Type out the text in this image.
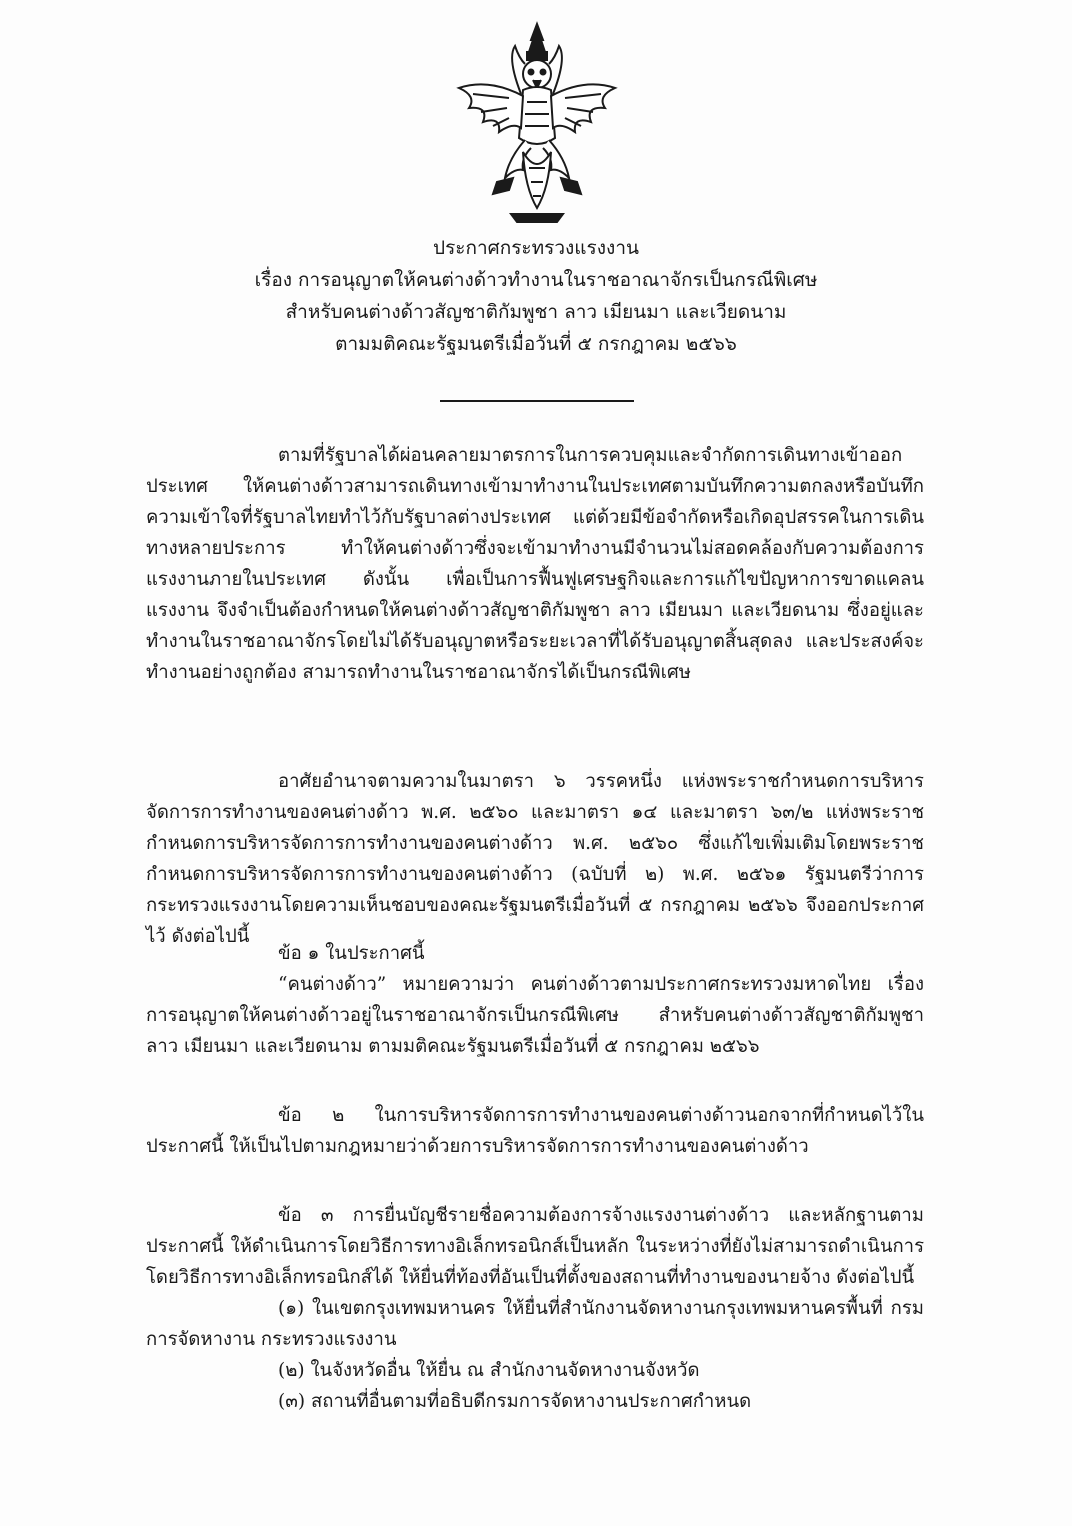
ประกาศกระทรวงแรงงาน
เรื่อง การอนุญาตให้คนต่างด้าวทำงานในราชอาณาจักรเป็นกรณีพิเศษ
สำหรับคนต่างด้าวสัญชาติกัมพูชา ลาว เมียนมา และเวียดนาม
ตามมติคณะรัฐมนตรีเมื่อวันที่ ๕ กรกฎาคม ๒๕๖๖

ตามที่รัฐบาลได้ผ่อนคลายมาตรการในการควบคุมและจำกัดการเดินทางเข้าออกประเทศ ให้คนต่างด้าวสามารถเดินทางเข้ามาทำงานในประเทศตามบันทึกความตกลงหรือบันทึกความเข้าใจที่รัฐบาลไทยทำไว้กับรัฐบาลต่างประเทศ แต่ด้วยมีข้อจำกัดหรือเกิดอุปสรรคในการเดินทางหลายประการ ทำให้คนต่างด้าวซึ่งจะเข้ามาทำงานมีจำนวนไม่สอดคล้องกับความต้องการแรงงานภายในประเทศ ดังนั้น เพื่อเป็นการฟื้นฟูเศรษฐกิจและการแก้ไขปัญหาการขาดแคลนแรงงาน จึงจำเป็นต้องกำหนดให้คนต่างด้าวสัญชาติกัมพูชา ลาว เมียนมา และเวียดนาม ซึ่งอยู่และทำงานในราชอาณาจักรโดยไม่ได้รับอนุญาตหรือระยะเวลาที่ได้รับอนุญาตสิ้นสุดลง และประสงค์จะทำงานอย่างถูกต้อง สามารถทำงานในราชอาณาจักรได้เป็นกรณีพิเศษ

อาศัยอำนาจตามความในมาตรา ๖ วรรคหนึ่ง แห่งพระราชกำหนดการบริหารจัดการการทำงานของคนต่างด้าว พ.ศ. ๒๕๖๐ และมาตรา ๑๔ และมาตรา ๖๓/๒ แห่งพระราชกำหนดการบริหารจัดการการทำงานของคนต่างด้าว พ.ศ. ๒๕๖๐ ซึ่งแก้ไขเพิ่มเติมโดยพระราชกำหนดการบริหารจัดการการทำงานของคนต่างด้าว (ฉบับที่ ๒) พ.ศ. ๒๕๖๑ รัฐมนตรีว่าการกระทรวงแรงงานโดยความเห็นชอบของคณะรัฐมนตรีเมื่อวันที่ ๕ กรกฎาคม ๒๕๖๖ จึงออกประกาศไว้ ดังต่อไปนี้

ข้อ ๑ ในประกาศนี้

“คนต่างด้าว” หมายความว่า คนต่างด้าวตามประกาศกระทรวงมหาดไทย เรื่อง การอนุญาตให้คนต่างด้าวอยู่ในราชอาณาจักรเป็นกรณีพิเศษ สำหรับคนต่างด้าวสัญชาติกัมพูชา ลาว เมียนมา และเวียดนาม ตามมติคณะรัฐมนตรีเมื่อวันที่ ๕ กรกฎาคม ๒๕๖๖

ข้อ ๒ ในการบริหารจัดการการทำงานของคนต่างด้าวนอกจากที่กำหนดไว้ในประกาศนี้ ให้เป็นไปตามกฎหมายว่าด้วยการบริหารจัดการการทำงานของคนต่างด้าว

ข้อ ๓ การยื่นบัญชีรายชื่อความต้องการจ้างแรงงานต่างด้าว และหลักฐานตามประกาศนี้ ให้ดำเนินการโดยวิธีการทางอิเล็กทรอนิกส์เป็นหลัก ในระหว่างที่ยังไม่สามารถดำเนินการโดยวิธีการทางอิเล็กทรอนิกส์ได้ ให้ยื่นที่ท้องที่อันเป็นที่ตั้งของสถานที่ทำงานของนายจ้าง ดังต่อไปนี้

(๑) ในเขตกรุงเทพมหานคร ให้ยื่นที่สำนักงานจัดหางานกรุงเทพมหานครพื้นที่ กรมการจัดหางาน กระทรวงแรงงาน

(๒) ในจังหวัดอื่น ให้ยื่น ณ สำนักงานจัดหางานจังหวัด

(๓) สถานที่อื่นตามที่อธิบดีกรมการจัดหางานประกาศกำหนด
